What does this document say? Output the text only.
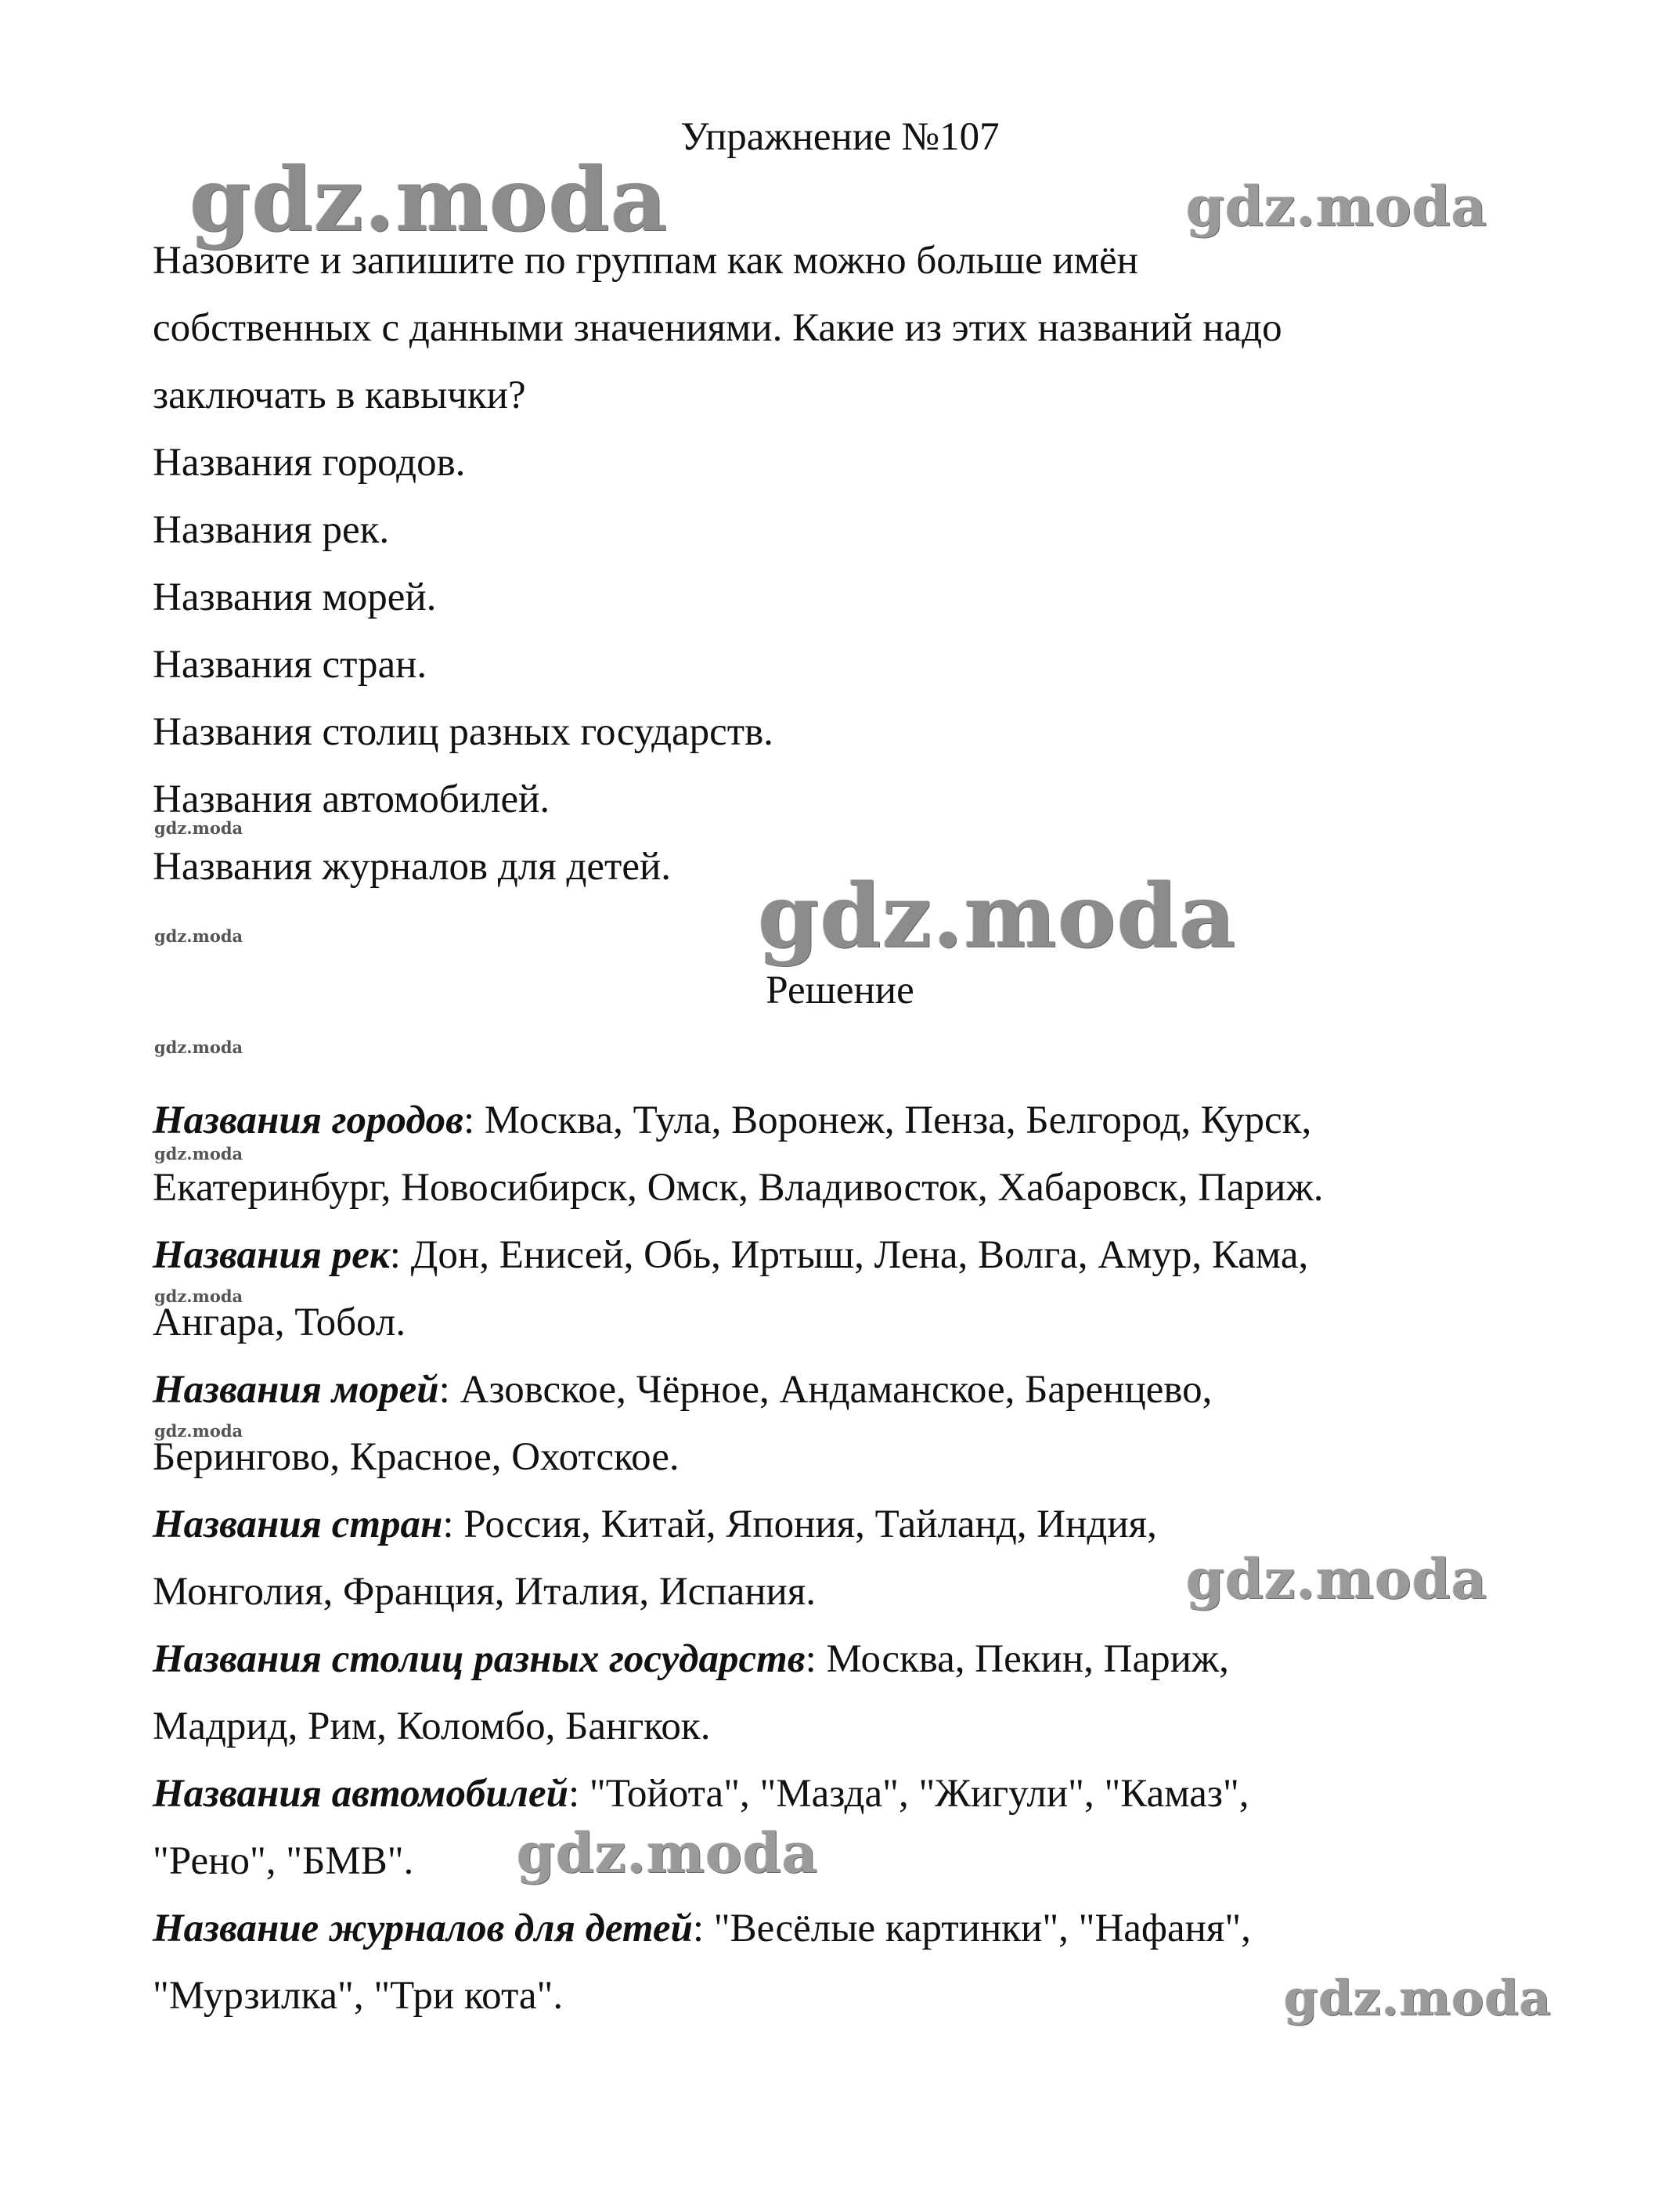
Упражнение №107

Назовите и запишите по группам как можно больше имён

собственных с данными значениями. Какие из этих названий надо

заключать в кавычки?

Названия городов.

Названия рек.

Названия морей.

Названия стран.

Названия столиц разных государств.

Названия автомобилей.

Названия журналов для детей.

Решение

Названия городов: Москва, Тула, Воронеж, Пенза, Белгород, Курск,

Екатеринбург, Новосибирск, Омск, Владивосток, Хабаровск, Париж.

Названия рек: Дон, Енисей, Обь, Иртыш, Лена, Волга, Амур, Кама,

Ангара, Тобол.

Названия морей: Азовское, Чёрное, Андаманское, Баренцево,

Берингово, Красное, Охотское.

Названия стран: Россия, Китай, Япония, Тайланд, Индия,

Монголия, Франция, Италия, Испания.

Названия столиц разных государств: Москва, Пекин, Париж,

Мадрид, Рим, Коломбо, Бангкок.

Названия автомобилей: "Тойота", "Мазда", "Жигули", "Камаз",

"Рено", "БМВ".

Название журналов для детей: "Весёлые картинки", "Нафаня",

"Мурзилка", "Три кота".

gdz.moda	gdz.moda
gdz.moda
gdz.moda
gdz.moda
gdz.moda
gdz.moda
gdz.moda
gdz.moda
gdz.moda
gdz.moda
gdz.moda
